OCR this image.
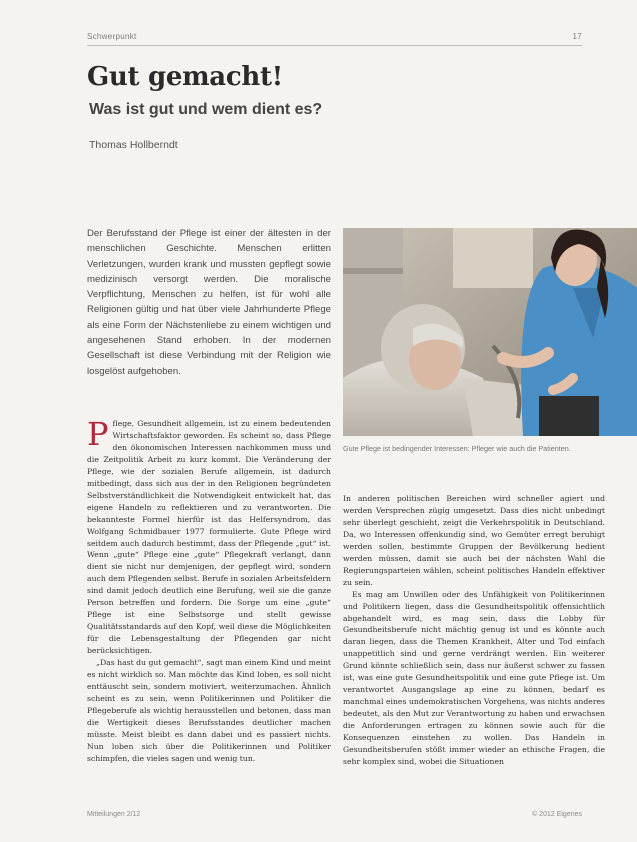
Schwerpunkt	17
Gut gemacht!
Was ist gut und wem dient es?
Thomas Hollberndt

Der Berufsstand der Pflege ist einer der ältesten in der menschlichen Geschichte. Menschen erlitten Verletzungen, wurden krank und mussten gepflegt sowie medizinisch versorgt werden. Die moralische Verpflichtung, Menschen zu helfen, ist für wohl alle Religionen gültig und hat über viele Jahrhunderte Pflege als eine Form der Nächstenliebe zu einem wichtigen und angesehenen Stand erhoben. In der modernen Gesellschaft ist diese Verbindung mit der Religion wie losgelöst aufgehoben.

Gute Pflege ist bedingender Interessen: Pfleger wie auch die Patienten.

Pflege, Gesundheit allgemein, ist zu einem bedeutenden Wirtschaftsfaktor geworden. Es scheint so, dass Pflege den ökonomischen Interessen nachkommen muss und die Zeitpolitik Arbeit zu kurz kommt. Die Veränderung der Pflege, wie der sozialen Berufe allgemein, ist dadurch mitbedingt, dass sich aus der in den Religionen begründeten Selbstverständlichkeit die Notwendigkeit entwickelt hat, das eigene Handeln zu reflektieren und zu verantworten. Die bekannteste Formel hierfür ist das Helfersyndrom, das Wolfgang Schmidbauer 1977 formulierte. Gute Pflege wird seitdem auch dadurch bestimmt, dass der Pflegende „gut“ ist. Wenn „gute“ Pflege eine „gute“ Pflegekraft verlangt, dann dient sie nicht nur demjenigen, der gepflegt wird, sondern auch dem Pflegenden selbst. Berufe in sozialen Arbeitsfeldern sind damit jedoch deutlich eine Berufung, weil sie die ganze Person betreffen und fordern. Die Sorge um eine „gute“ Pflege ist eine Selbstsorge und stellt gewisse Qualitätsstandards auf den Kopf, weil diese die Möglichkeiten für die Lebensgestaltung der Pflegenden gar nicht berücksichtigen.

„Das hast du gut gemacht“, sagt man einem Kind und meint es nicht wirklich so. Man möchte das Kind loben, es soll nicht enttäuscht sein, sondern motiviert, weiterzumachen. Ähnlich scheint es zu sein, wenn Politikerinnen und Politiker die Pflegeberufe als wichtig herausstellen und betonen, dass man die Wertigkeit dieses Berufsstandes deutlicher machen müsste. Meist bleibt es dann dabei und es passiert nichts. Nun loben sich über die Politikerinnen und Politiker schimpfen, die vieles sagen und wenig tun.

In anderen politischen Bereichen wird schneller agiert und werden Versprechen zügig umgesetzt. Dass dies nicht unbedingt sehr überlegt geschieht, zeigt die Verkehrspolitik in Deutschland. Da, wo Interessen offenkundig sind, wo Gemüter erregt beruhigt werden sollen, bestimmte Gruppen der Bevölkerung bedient werden müssen, damit sie auch bei der nächsten Wahl die Regierungsparteien wählen, scheint politisches Handeln effektiver zu sein.

Es mag am Unwillen oder des Unfähigkeit von Politikerinnen und Politikern liegen, dass die Gesundheitspolitik offensichtlich abgehandelt wird, es mag sein, dass die Lobby für Gesundheitsberufe nicht mächtig genug ist und es könnte auch daran liegen, dass die Themen Krankheit, Alter und Tod einfach unappetitlich sind und gerne verdrängt werden. Ein weiterer Grund könnte schließlich sein, dass nur äußerst schwer zu fassen ist, was eine gute Gesundheitspolitik und eine gute Pflege ist. Um verantwortet Ausgangslage ap eine zu können, bedarf es manchmal eines undemokratischen Vorgehens, was nichts anderes bedeutet, als den Mut zur Verantwortung zu haben und erwachsen die Anforderungen ertragen zu können sowie auch für die Konsequenzen einstehen zu wollen. Das Handeln in Gesundheitsberufen stößt immer wieder an ethische Fragen, die sehr komplex sind, wobei die Situationen

Mitteilungen 2/12	© 2012 Eigenes
